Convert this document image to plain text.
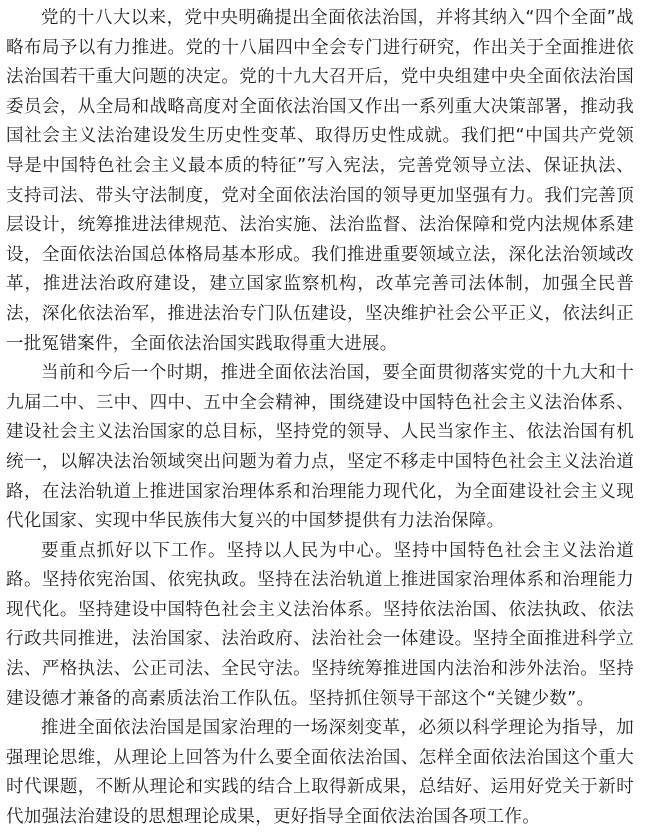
党的十八大以来，党中央明确提出全面依法治国，并将其纳入“四个全面”战略布局予以有力推进。党的十八届四中全会专门进行研究，作出关于全面推进依法治国若干重大问题的决定。党的十九大召开后，党中央组建中央全面依法治国委员会，从全局和战略高度对全面依法治国又作出一系列重大决策部署，推动我国社会主义法治建设发生历史性变革、取得历史性成就。我们把“中国共产党领导是中国特色社会主义最本质的特征”写入宪法，完善党领导立法、保证执法、支持司法、带头守法制度，党对全面依法治国的领导更加坚强有力。我们完善顶层设计，统筹推进法律规范、法治实施、法治监督、法治保障和党内法规体系建设，全面依法治国总体格局基本形成。我们推进重要领域立法，深化法治领域改革，推进法治政府建设，建立国家监察机构，改革完善司法体制，加强全民普法，深化依法治军，推进法治专门队伍建设，坚决维护社会公平正义，依法纠正一批冤错案件，全面依法治国实践取得重大进展。

当前和今后一个时期，推进全面依法治国，要全面贯彻落实党的十九大和十九届二中、三中、四中、五中全会精神，围绕建设中国特色社会主义法治体系、建设社会主义法治国家的总目标，坚持党的领导、人民当家作主、依法治国有机统一，以解决法治领域突出问题为着力点，坚定不移走中国特色社会主义法治道路，在法治轨道上推进国家治理体系和治理能力现代化，为全面建设社会主义现代化国家、实现中华民族伟大复兴的中国梦提供有力法治保障。

要重点抓好以下工作。坚持以人民为中心。坚持中国特色社会主义法治道路。坚持依宪治国、依宪执政。坚持在法治轨道上推进国家治理体系和治理能力现代化。坚持建设中国特色社会主义法治体系。坚持依法治国、依法执政、依法行政共同推进，法治国家、法治政府、法治社会一体建设。坚持全面推进科学立法、严格执法、公正司法、全民守法。坚持统筹推进国内法治和涉外法治。坚持建设德才兼备的高素质法治工作队伍。坚持抓住领导干部这个“关键少数”。

推进全面依法治国是国家治理的一场深刻变革，必须以科学理论为指导，加强理论思维，从理论上回答为什么要全面依法治国、怎样全面依法治国这个重大时代课题，不断从理论和实践的结合上取得新成果，总结好、运用好党关于新时代加强法治建设的思想理论成果，更好指导全面依法治国各项工作。
